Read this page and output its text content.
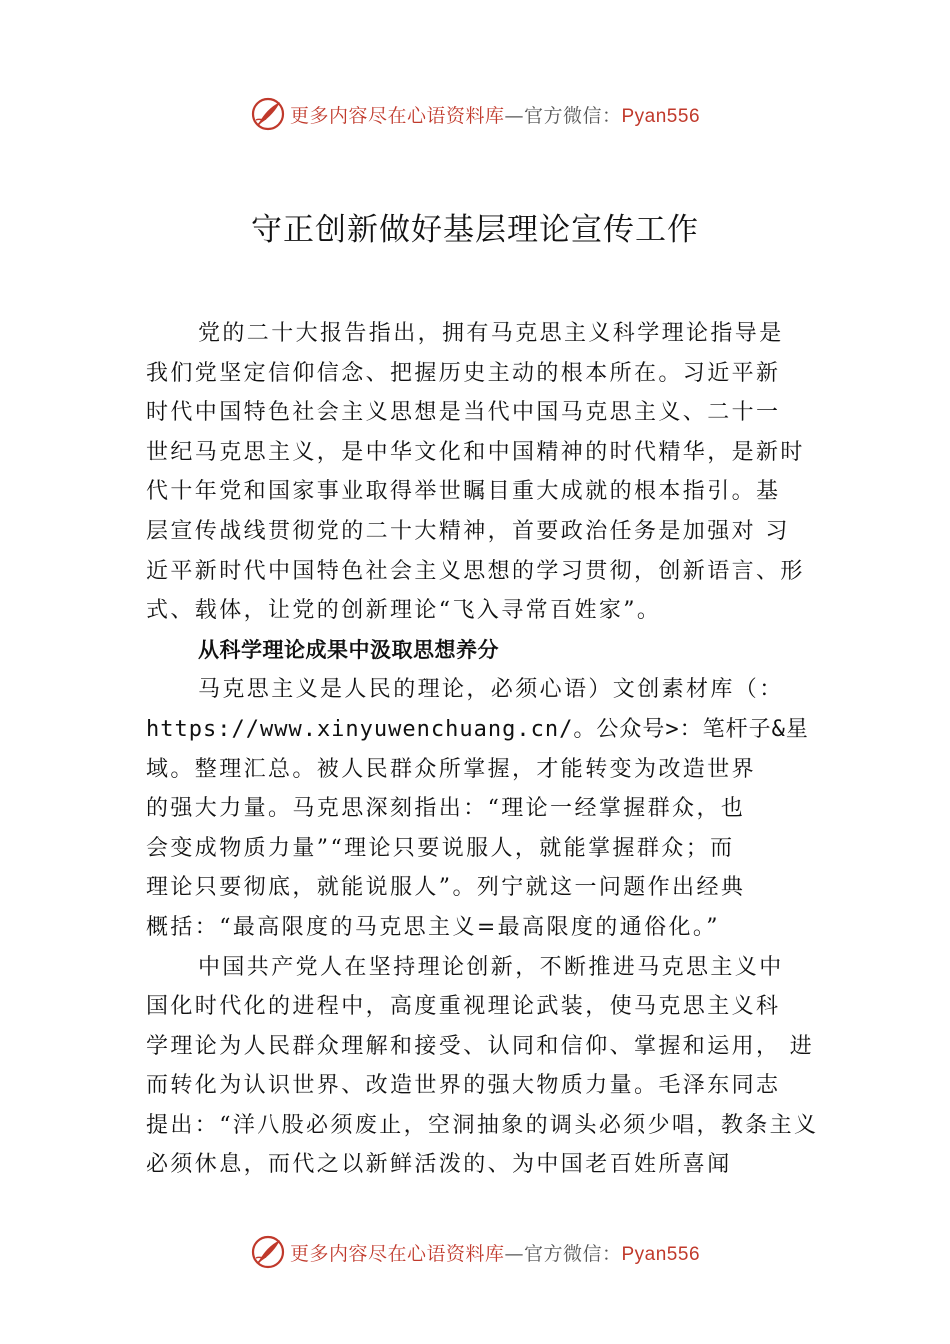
更多内容尽在心语资料库—官方微信：Pyan556
守正创新做好基层理论宣传工作
党的二十大报告指出，拥有马克思主义科学理论指导是
我们党坚定信仰信念、把握历史主动的根本所在。习近平新
时代中国特色社会主义思想是当代中国马克思主义、二十一
世纪马克思主义，是中华文化和中国精神的时代精华，是新时
代十年党和国家事业取得举世瞩目重大成就的根本指引。基
层宣传战线贯彻党的二十大精神，首要政治任务是加强对 习
近平新时代中国特色社会主义思想的学习贯彻，创新语言、形
式、载体，让党的创新理论“飞入寻常百姓家”。
从科学理论成果中汲取思想养分
马克思主义是人民的理论，必须心语）文创素材库（：
https://www.xinyuwenchuang.cn/。公众号>：笔杆子&星
域。整理汇总。被人民群众所掌握，才能转变为改造世界
的强大力量。马克思深刻指出：“理论一经掌握群众，也
会变成物质力量”“理论只要说服人，就能掌握群众；而
理论只要彻底，就能说服人”。列宁就这一问题作出经典
概括：“最高限度的马克思主义=最高限度的通俗化。”
中国共产党人在坚持理论创新，不断推进马克思主义中
国化时代化的进程中，高度重视理论武装，使马克思主义科
学理论为人民群众理解和接受、认同和信仰、掌握和运用， 进
而转化为认识世界、改造世界的强大物质力量。毛泽东同志
提出：“洋八股必须废止，空洞抽象的调头必须少唱，教条主义
必须休息，而代之以新鲜活泼的、为中国老百姓所喜闻
更多内容尽在心语资料库—官方微信：Pyan556
